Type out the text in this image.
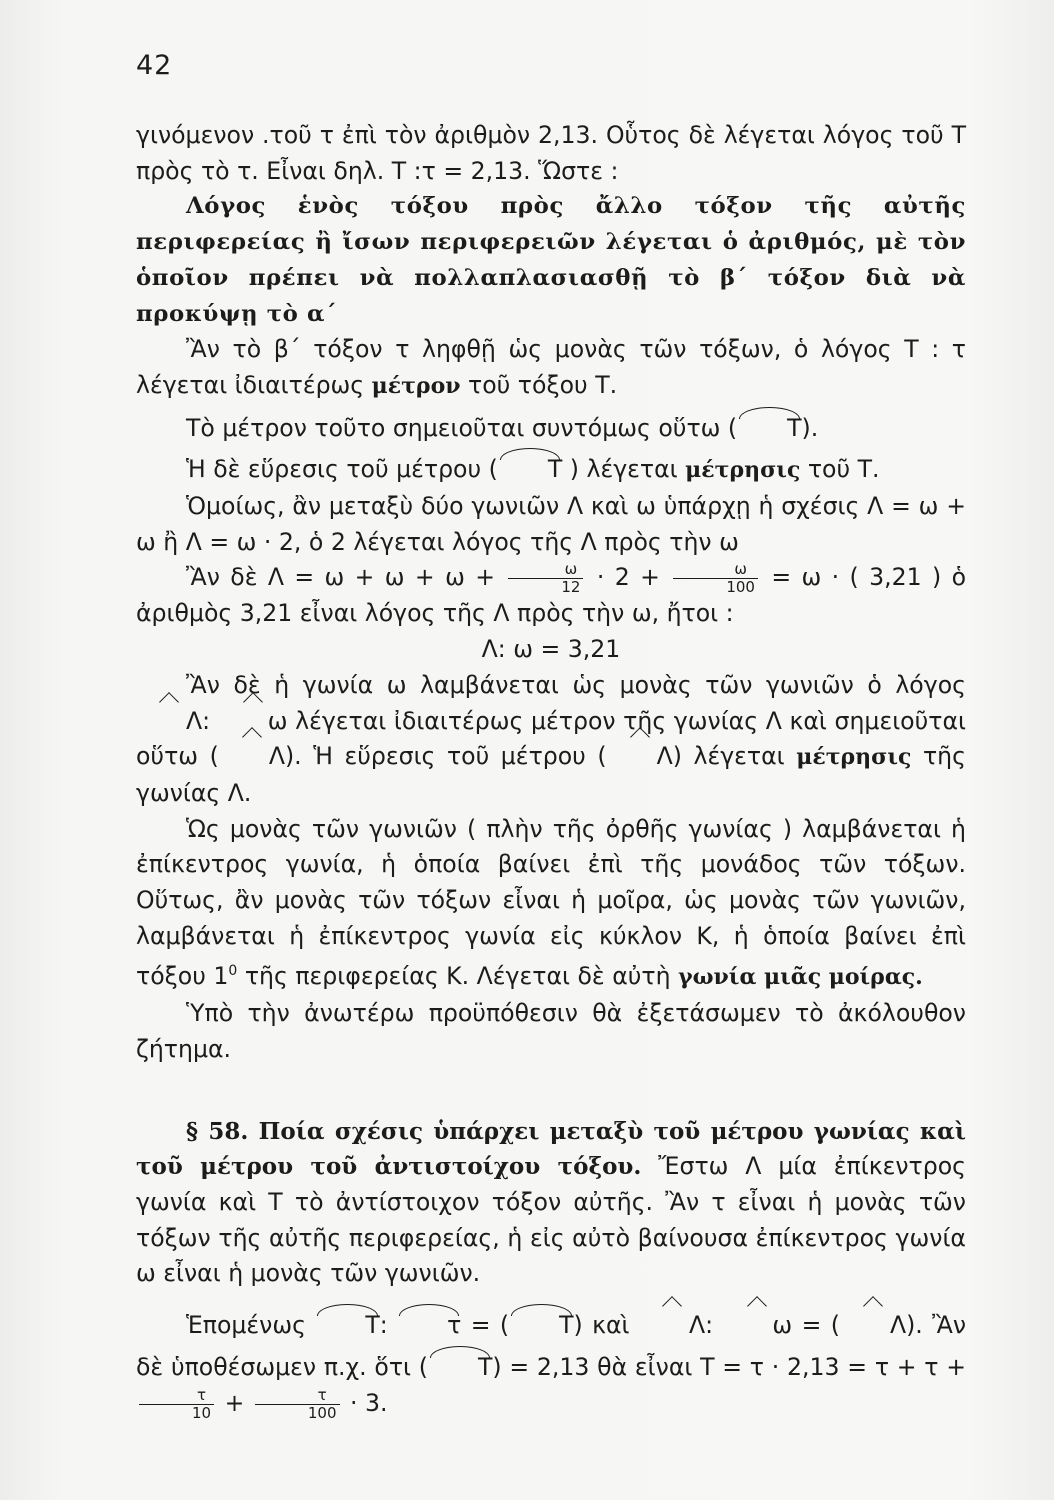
42

γινόμενον .τοῦ τ ἐπὶ τὸν ἀριθμὸν 2,13. Οὗτος δὲ λέγεται λόγος τοῦ Τ πρὸς τὸ τ. Εἶναι δηλ. Τ :τ = 2,13. Ὥστε :

Λόγος ἑνὸς τόξου πρὸς ἄλλο τόξον τῆς αὐτῆς περιφερείας ἢ ἴσων περιφερειῶν λέγεται ὁ ἀριθμός, μὲ τὸν ὁποῖον πρέπει νὰ πολλαπλασιασθῇ τὸ β΄ τόξον διὰ νὰ προκύψῃ τὸ α΄

Ἂν τὸ β΄ τόξον τ ληφθῇ ὡς μονὰς τῶν τόξων, ὁ λόγος Τ : τ λέγεται ἰδιαιτέρως μέτρον τοῦ τόξου Τ.

Τὸ μέτρον τοῦτο σημειοῦται συντόμως οὕτω ( Τ).

Ἡ δὲ εὕρεσις τοῦ μέτρου ( Τ ) λέγεται μέτρησις τοῦ Τ.

Ὁμοίως, ἂν μεταξὺ δύο γωνιῶν Λ καὶ ω ὑπάρχῃ ἡ σχέσις Λ = ω + ω ἢ Λ = ω · 2, ὁ 2 λέγεται λόγος τῆς Λ πρὸς τὴν ω

Ἂν δὲ $\Lambda = \omega + \omega + \omega + \frac{\omega}{12} \cdot 2 + \frac{\omega}{100} = \omega$ · ( 3,21 ) ὁ ἀριθμὸς 3,21 εἶναι λόγος τῆς Λ πρὸς τὴν ω, ἤτοι :

Λ: ω = 3,21

Ἂν δὲ ἡ γωνία ω λαμβάνεται ὡς μονὰς τῶν γωνιῶν ὁ λόγος Λ: ω λέγεται ἰδιαιτέρως μέτρον τῆς γωνίας Λ καὶ σημειοῦται οὕτω ( Λ). Ἡ εὕρεσις τοῦ μέτρου ( Λ) λέγεται μέτρησις τῆς γωνίας Λ.

Ὡς μονὰς τῶν γωνιῶν ( πλὴν τῆς ὀρθῆς γωνίας ) λαμβάνεται ἡ ἐπίκεντρος γωνία, ἡ ὁποία βαίνει ἐπὶ τῆς μονάδος τῶν τόξων. Οὕτως, ἂν μονὰς τῶν τόξων εἶναι ἡ μοῖρα, ὡς μονὰς τῶν γωνιῶν, λαμβάνεται ἡ ἐπίκεντρος γωνία εἰς κύκλον Κ, ἡ ὁποία βαίνει ἐπὶ τόξου $1^0$ τῆς περιφερείας Κ. Λέγεται δὲ αὐτὴ γωνία μιᾶς μοίρας.

Ὑπὸ τὴν ἀνωτέρω προϋπόθεσιν θὰ ἐξετάσωμεν τὸ ἀκόλουθον ζήτημα.

§ 58. Ποία σχέσις ὑπάρχει μεταξὺ τοῦ μέτρου γωνίας καὶ τοῦ μέτρου τοῦ ἀντιστοίχου τόξου. Ἔστω Λ μία ἐπίκεντρος γωνία καὶ Τ τὸ ἀντίστοιχον τόξον αὐτῆς. Ἂν τ εἶναι ἡ μονὰς τῶν τόξων τῆς αὐτῆς περιφερείας, ἡ εἰς αὐτὸ βαίνουσα ἐπίκεντρος γωνία ω εἶναι ἡ μονὰς τῶν γωνιῶν.

Ἑπομένως	Τ:	τ = ( Τ) καὶ	Λ:	ω = ( Λ). Ἂν δὲ ὑποθέσωμεν π.χ. ὅτι ( Τ) = 2,13 θὰ εἶναι Τ = τ · 2,13 = τ + τ +
$\frac{\tau}{10} + \frac{\tau}{100} \cdot 3$.
